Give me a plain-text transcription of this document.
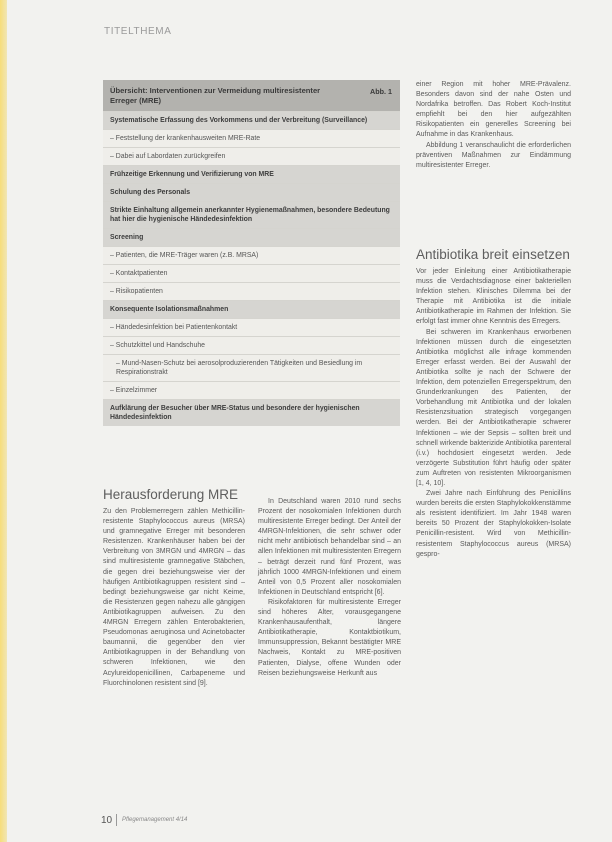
TITELTHEMA
Übersicht: Interventionen zur Vermeidung multiresistenter Erreger (MRE)
Abb. 1
Systematische Erfassung des Vorkommens und der Verbreitung (Surveillance)
– Feststellung der krankenhausweiten MRE-Rate
– Dabei auf Labordaten zurückgreifen
Frühzeitige Erkennung und Verifizierung von MRE
Schulung des Personals
Strikte Einhaltung allgemein anerkannter Hygienemaßnahmen, besondere Bedeutung hat hier die hygienische Händedesinfektion
Screening
– Patienten, die MRE-Träger waren (z.B. MRSA)
– Kontaktpatienten
– Risikopatienten
Konsequente Isolationsmaßnahmen
– Händedesinfektion bei Patientenkontakt
– Schutzkittel und Handschuhe
– Mund-Nasen-Schutz bei aerosolproduzierenden Tätigkeiten und Besiedlung im Respirationstrakt
– Einzelzimmer
Aufklärung der Besucher über MRE-Status und besondere der hygienischen Händedesinfektion

einer Region mit hoher MRE-Prävalenz. Besonders davon sind der nahe Osten und Nordafrika betroffen. Das Robert Koch-Institut empfiehlt bei den hier aufgezählten Risikopatienten ein generelles Screening bei Aufnahme in das Krankenhaus.

Abbildung 1 veranschaulicht die erforderlichen präventiven Maßnahmen zur Eindämmung multiresistenter Erreger.

Antibiotika breit einsetzen

Vor jeder Einleitung einer Antibiotikatherapie muss die Verdachtsdiagnose einer bakteriellen Infektion stehen. Klinisches Dilemma bei der Therapie mit Antibiotika ist die initiale Antibiotikatherapie im Rahmen der Infektion. Sie erfolgt fast immer ohne Kenntnis des Erregers.

Bei schweren im Krankenhaus erworbenen Infektionen müssen durch die eingesetzten Antibiotika möglichst alle infrage kommenden Erreger erfasst werden. Bei der Auswahl der Antibiotika sollte je nach der Schwere der Infektion, dem potenziellen Erregerspektrum, den Grunderkrankungen des Patienten, der Vorbehandlung mit Antibiotika und der lokalen Resistenzsituation strategisch vorgegangen werden. Bei der Antibiotikatherapie schwerer Infektionen – wie der Sepsis – sollten breit und schnell wirkende bakterizide Antibiotika parenteral (i.v.) hochdosiert eingesetzt werden. Jede verzögerte Substitution führt häufig oder später zum Auftreten von resistenten Mikroorganismen [1, 4, 10].

Zwei Jahre nach Einführung des Penicillins wurden bereits die ersten Staphylokokkenstämme als resistent identifiziert. Im Jahr 1948 waren bereits 50 Prozent der Staphylokokken-Isolate Penicillin-resistent. Wird von Methicillin-resistentem Staphylococcus aureus (MRSA) gespro-

Herausforderung MRE

Zu den Problemerregern zählen Methicillin-resistente Staphylococcus aureus (MRSA) und gramnegative Erreger mit besonderen Resistenzen. Krankenhäuser haben bei der Verbreitung von 3MRGN und 4MRGN – das sind multiresistente gramnegative Stäbchen, die gegen drei beziehungsweise vier der häufigen Antibiotikagruppen resistent sind – bedingt beziehungsweise gar nicht Keime, die Resistenzen gegen nahezu alle gängigen Antibiotikagruppen aufweisen. Zu den 4MRGN Erregern zählen Enterobakterien, Pseudomonas aeruginosa und Acinetobacter baumannii, die gegenüber den vier Antibiotikagruppen in der Behandlung von schweren Infektionen, wie den Acylureidopenicillinen, Carbapeneme und Fluorchinolonen resistent sind [9].

In Deutschland waren 2010 rund sechs Prozent der nosokomialen Infektionen durch multiresistente Erreger bedingt. Der Anteil der 4MRGN-Infektionen, die sehr schwer oder nicht mehr antibiotisch behandelbar sind – an allen Infektionen mit multiresistenten Erregern – beträgt derzeit rund fünf Prozent, was jährlich 1000 4MRGN-Infektionen und einem Anteil von 0,5 Prozent aller nosokomialen Infektionen in Deutschland entspricht [6].

Risikofaktoren für multiresistente Erreger sind höheres Alter, vorausgegangene Krankenhausaufenthalt, längere Antibiotikatherapie, Kontaktbiotikum, Immunsuppression, Bekannt bestätigter MRE Nachweis, Kontakt zu MRE-positiven Patienten, Dialyse, offene Wunden oder Reisen beziehungsweise Herkunft aus

10 Pflegemanagement 4/14
